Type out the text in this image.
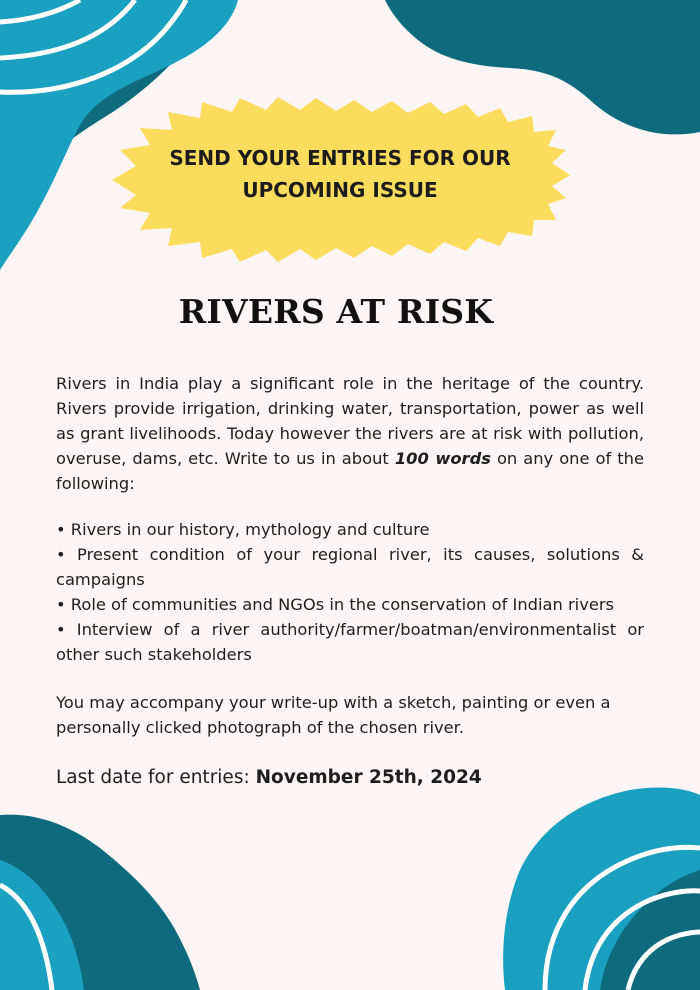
SEND YOUR ENTRIES FOR OUR
UPCOMING ISSUE
RIVERS AT RISK

Rivers in India play a significant role in the heritage of the country. Rivers provide irrigation, drinking water, transportation, power as well as grant livelihoods. Today however the rivers are at risk with pollution, overuse, dams, etc. Write to us in about 100 words on any one of the following:

• Rivers in our history, mythology and culture
• Present condition of your regional river, its causes, solutions & campaigns
• Role of communities and NGOs in the conservation of Indian rivers
• Interview of a river authority/farmer/boatman/environmentalist or other such stakeholders

You may accompany your write-up with a sketch, painting or even a personally clicked photograph of the chosen river.

Last date for entries: November 25th, 2024
